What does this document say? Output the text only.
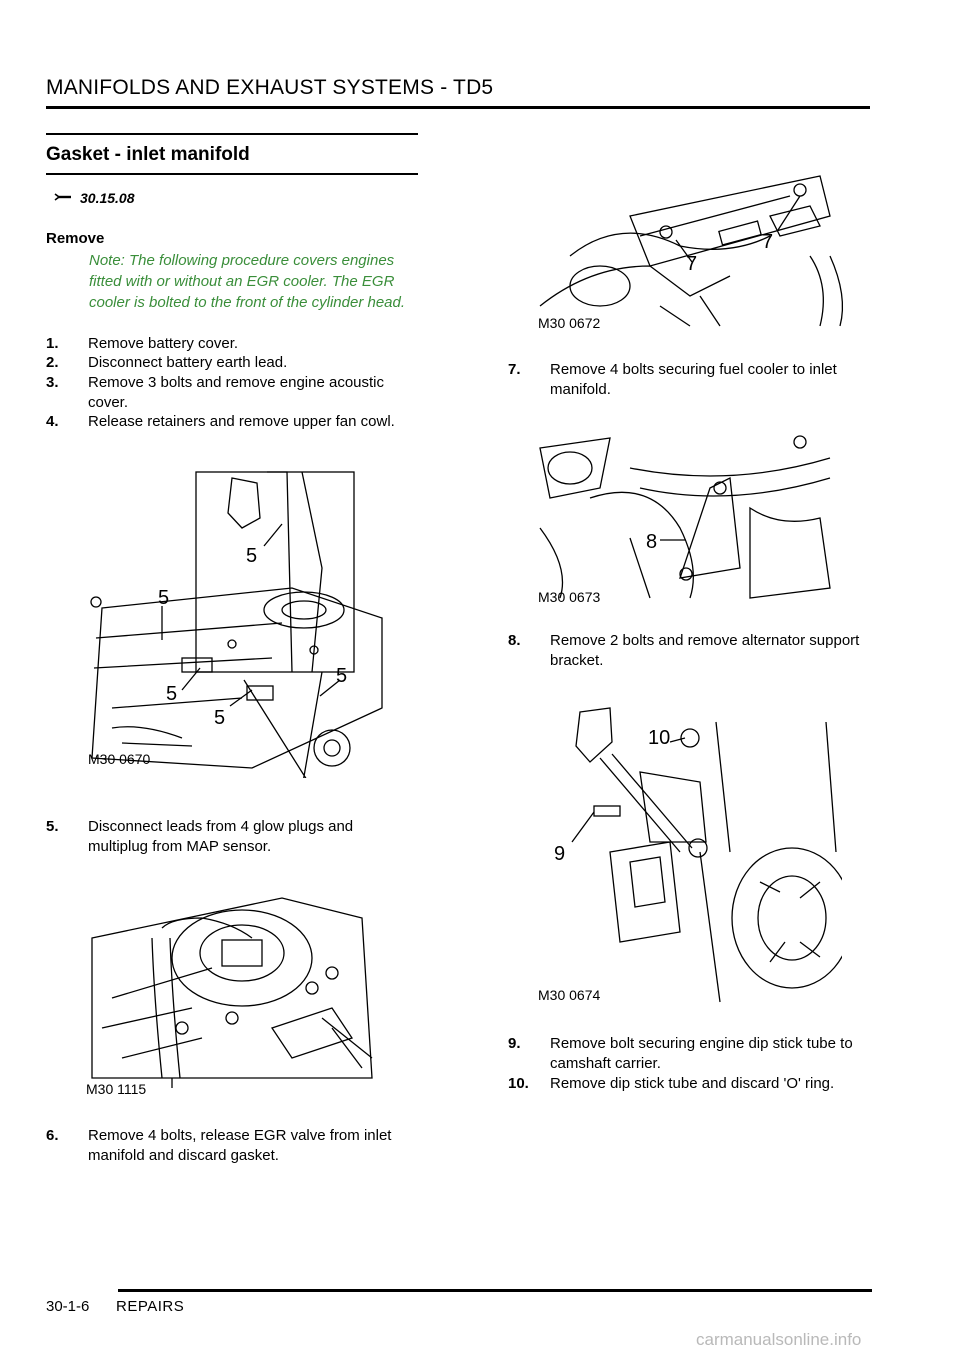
MANIFOLDS AND EXHAUST SYSTEMS - TD5
Gasket - inlet manifold
30.15.08
Remove
Note: The following procedure covers engines fitted with or without an EGR cooler. The EGR cooler is bolted to the front of the cylinder head.
1. Remove battery cover.
2. Disconnect battery earth lead.
3. Remove 3 bolts and remove engine acoustic
cover.
4. Release retainers and remove upper fan cowl.
5
5
5
5
5
M30 0670
5. Disconnect leads from 4 glow plugs and
multiplug from MAP sensor.
M30 1115
6. Remove 4 bolts, release EGR valve from inlet
manifold and discard gasket.
7
7
M30 0672
7. Remove 4 bolts securing fuel cooler to inlet
manifold.
8
M30 0673
8. Remove 2 bolts and remove alternator support
bracket.
10
9
M30 0674
9. Remove bolt securing engine dip stick tube to
camshaft carrier.
10. Remove dip stick tube and discard 'O' ring.
30-1-6 REPAIRS
carmanualsonline.info
